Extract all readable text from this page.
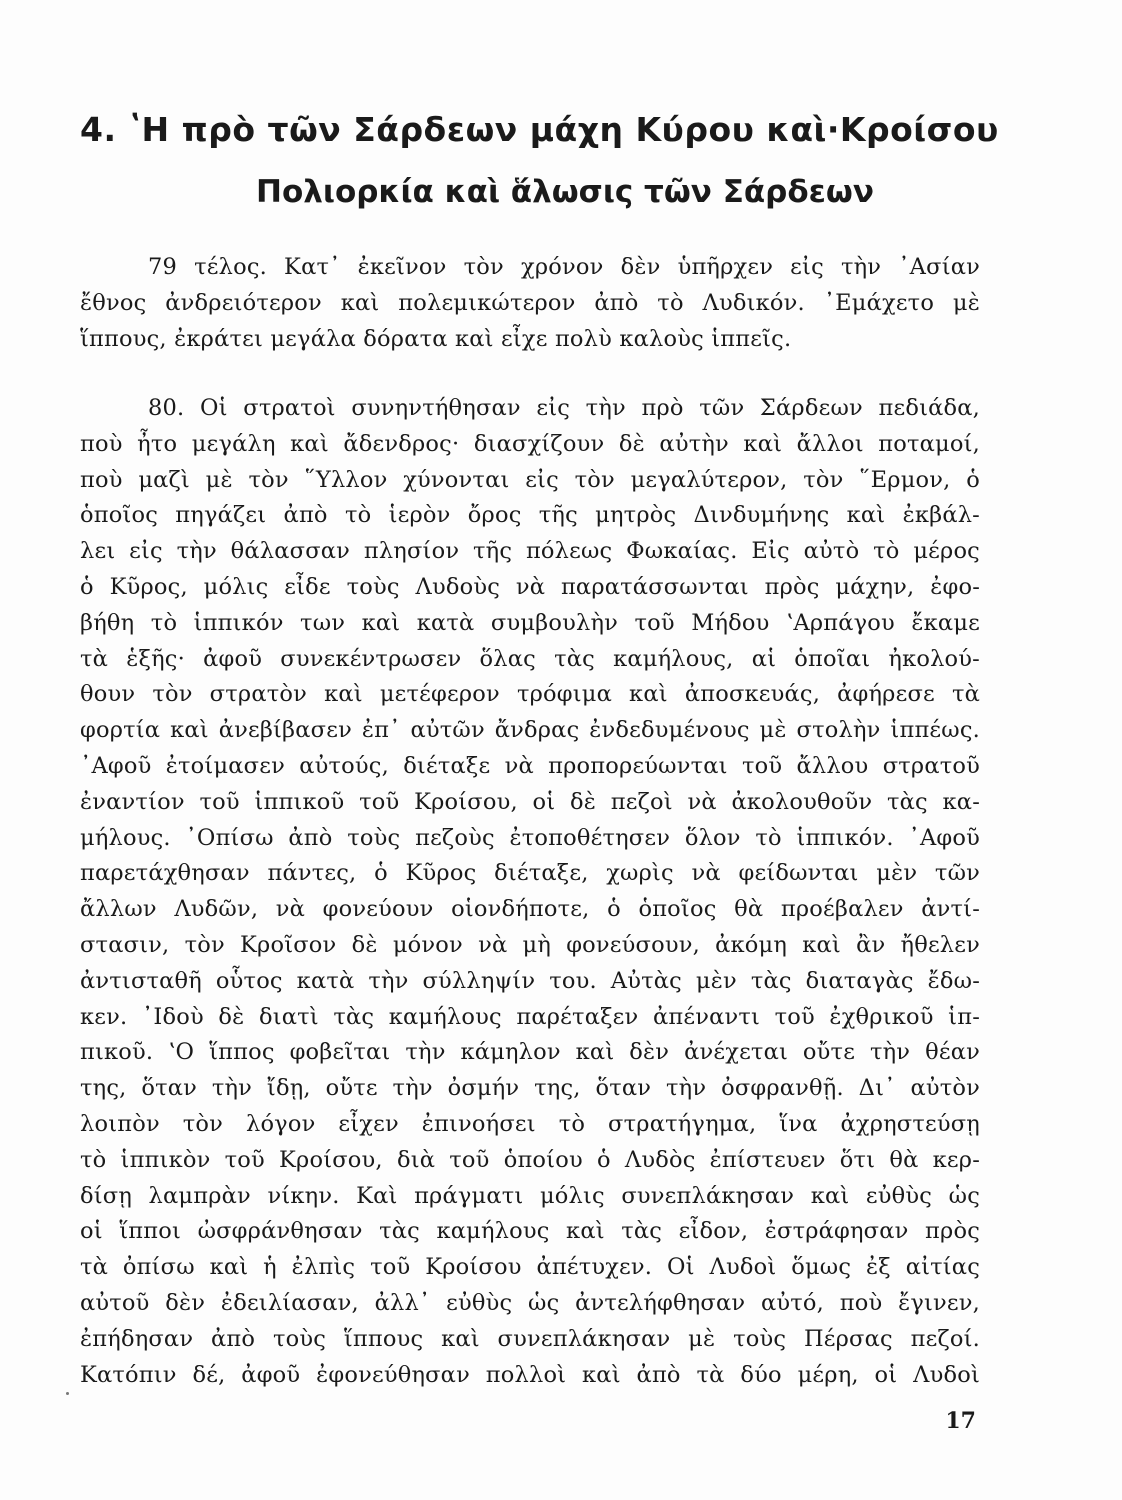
4. ʽΗ πρὸ τῶν Σάρδεων μάχη Κύρου καὶ·Κροίσου
Πολιορκία καὶ ἅλωσις τῶν Σάρδεων
79 τέλος. Κατ᾽ ἐκεῖνον τὸν χρόνον δὲν ὑπῆρχεν εἰς τὴν ᾽Ασίαν
ἔθνος ἀνδρειότερον καὶ πολεμικώτερον ἀπὸ τὸ Λυδικόν. ᾽Εμάχετο μὲ
ἵππους, ἐκράτει μεγάλα δόρατα καὶ εἶχε πολὺ καλοὺς ἱππεῖς.
80. Οἱ στρατοὶ συνηντήθησαν εἰς τὴν πρὸ τῶν Σάρδεων πεδιάδα,
ποὺ ἦτο μεγάλη καὶ ἄδενδρος· διασχίζουν δὲ αὐτὴν καὶ ἄλλοι ποταμοί,
ποὺ μαζὶ μὲ τὸν ῞Υλλον χύνονται εἰς τὸν μεγαλύτερον, τὸν ῞Ερμον, ὁ
ὁποῖος πηγάζει ἀπὸ τὸ ἱερὸν ὄρος τῆς μητρὸς Δινδυμήνης καὶ ἐκβάλ-
λει εἰς τὴν θάλασσαν πλησίον τῆς πόλεως Φωκαίας. Εἰς αὐτὸ τὸ μέρος
ὁ Κῦρος, μόλις εἶδε τοὺς Λυδοὺς νὰ παρατάσσωνται πρὸς μάχην, ἐφο-
βήθη τὸ ἱππικόν των καὶ κατὰ συμβουλὴν τοῦ Μήδου ʽΑρπάγου ἔκαμε
τὰ ἑξῆς· ἀφοῦ συνεκέντρωσεν ὅλας τὰς καμήλους, αἱ ὁποῖαι ἠκολού-
θουν τὸν στρατὸν καὶ μετέφερον τρόφιμα καὶ ἀποσκευάς, ἀφήρεσε τὰ
φορτία καὶ ἀνεβίβασεν ἐπ᾽ αὐτῶν ἄνδρας ἐνδεδυμένους μὲ στολὴν ἱππέως.
᾽Αφοῦ ἐτοίμασεν αὐτούς, διέταξε νὰ προπορεύωνται τοῦ ἄλλου στρατοῦ
ἐναντίον τοῦ ἱππικοῦ τοῦ Κροίσου, οἱ δὲ πεζοὶ νὰ ἀκολουθοῦν τὰς κα-
μήλους. ᾽Οπίσω ἀπὸ τοὺς πεζοὺς ἐτοποθέτησεν ὅλον τὸ ἱππικόν. ᾽Αφοῦ
παρετάχθησαν πάντες, ὁ Κῦρος διέταξε, χωρὶς νὰ φείδωνται μὲν τῶν
ἄλλων Λυδῶν, νὰ φονεύουν οἱονδήποτε, ὁ ὁποῖος θὰ προέβαλεν ἀντί-
στασιν, τὸν Κροῖσον δὲ μόνον νὰ μὴ φονεύσουν, ἀκόμη καὶ ἂν ἤθελεν
ἀντισταθῆ οὗτος κατὰ τὴν σύλληψίν του. Αὐτὰς μὲν τὰς διαταγὰς ἔδω-
κεν. ᾽Ιδοὺ δὲ διατὶ τὰς καμήλους παρέταξεν ἀπέναντι τοῦ ἐχθρικοῦ ἱπ-
πικοῦ. ʽΟ ἵππος φοβεῖται τὴν κάμηλον καὶ δὲν ἀνέχεται οὔτε τὴν θέαν
της, ὅταν τὴν ἴδῃ, οὔτε τὴν ὀσμήν της, ὅταν τὴν ὀσφρανθῇ. Δι᾽ αὐτὸν
λοιπὸν τὸν λόγον εἶχεν ἐπινοήσει τὸ στρατήγημα, ἵνα ἀχρηστεύσῃ
τὸ ἱππικὸν τοῦ Κροίσου, διὰ τοῦ ὁποίου ὁ Λυδὸς ἐπίστευεν ὅτι θὰ κερ-
δίσῃ λαμπρὰν νίκην. Καὶ πράγματι μόλις συνεπλάκησαν καὶ εὐθὺς ὡς
οἱ ἵπποι ὠσφράνθησαν τὰς καμήλους καὶ τὰς εἶδον, ἐστράφησαν πρὸς
τὰ ὀπίσω καὶ ἡ ἐλπὶς τοῦ Κροίσου ἀπέτυχεν. Οἱ Λυδοὶ ὅμως ἐξ αἰτίας
αὐτοῦ δὲν ἐδειλίασαν, ἀλλ᾽ εὐθὺς ὡς ἀντελήφθησαν αὐτό, ποὺ ἔγινεν,
ἐπήδησαν ἀπὸ τοὺς ἵππους καὶ συνεπλάκησαν μὲ τοὺς Πέρσας πεζοί.
Κατόπιν δέ, ἀφοῦ ἐφονεύθησαν πολλοὶ καὶ ἀπὸ τὰ δύο μέρη, οἱ Λυδοὶ
17
